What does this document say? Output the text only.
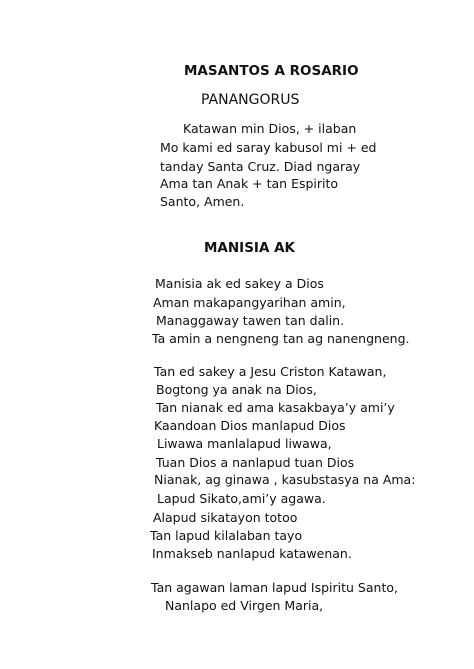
MASANTOS A ROSARIO
PANANGORUS
Katawan min Dios, + ilaban
Mo kami ed saray kabusol mi + ed
tanday Santa Cruz. Diad ngaray
Ama tan Anak + tan Espirito
Santo, Amen.
MANISIA AK
Manisia ak ed sakey a Dios
Aman makapangyarihan amin,
Managgaway tawen tan dalin.
Ta amin a nengneng tan ag nanengneng.
Tan ed sakey a Jesu Criston Katawan,
Bogtong ya anak na Dios,
Tan nianak ed ama kasakbaya’y ami’y
Kaandoan Dios manlapud Dios
Liwawa manlalapud liwawa,
Tuan Dios a nanlapud tuan Dios
Nianak, ag ginawa , kasubstasya na Ama:
Lapud Sikato,ami’y agawa.
Alapud sikatayon totoo
Tan lapud kilalaban tayo
Inmakseb nanlapud katawenan.
Tan agawan laman lapud Ispiritu Santo,
Nanlapo ed Virgen Maria,
